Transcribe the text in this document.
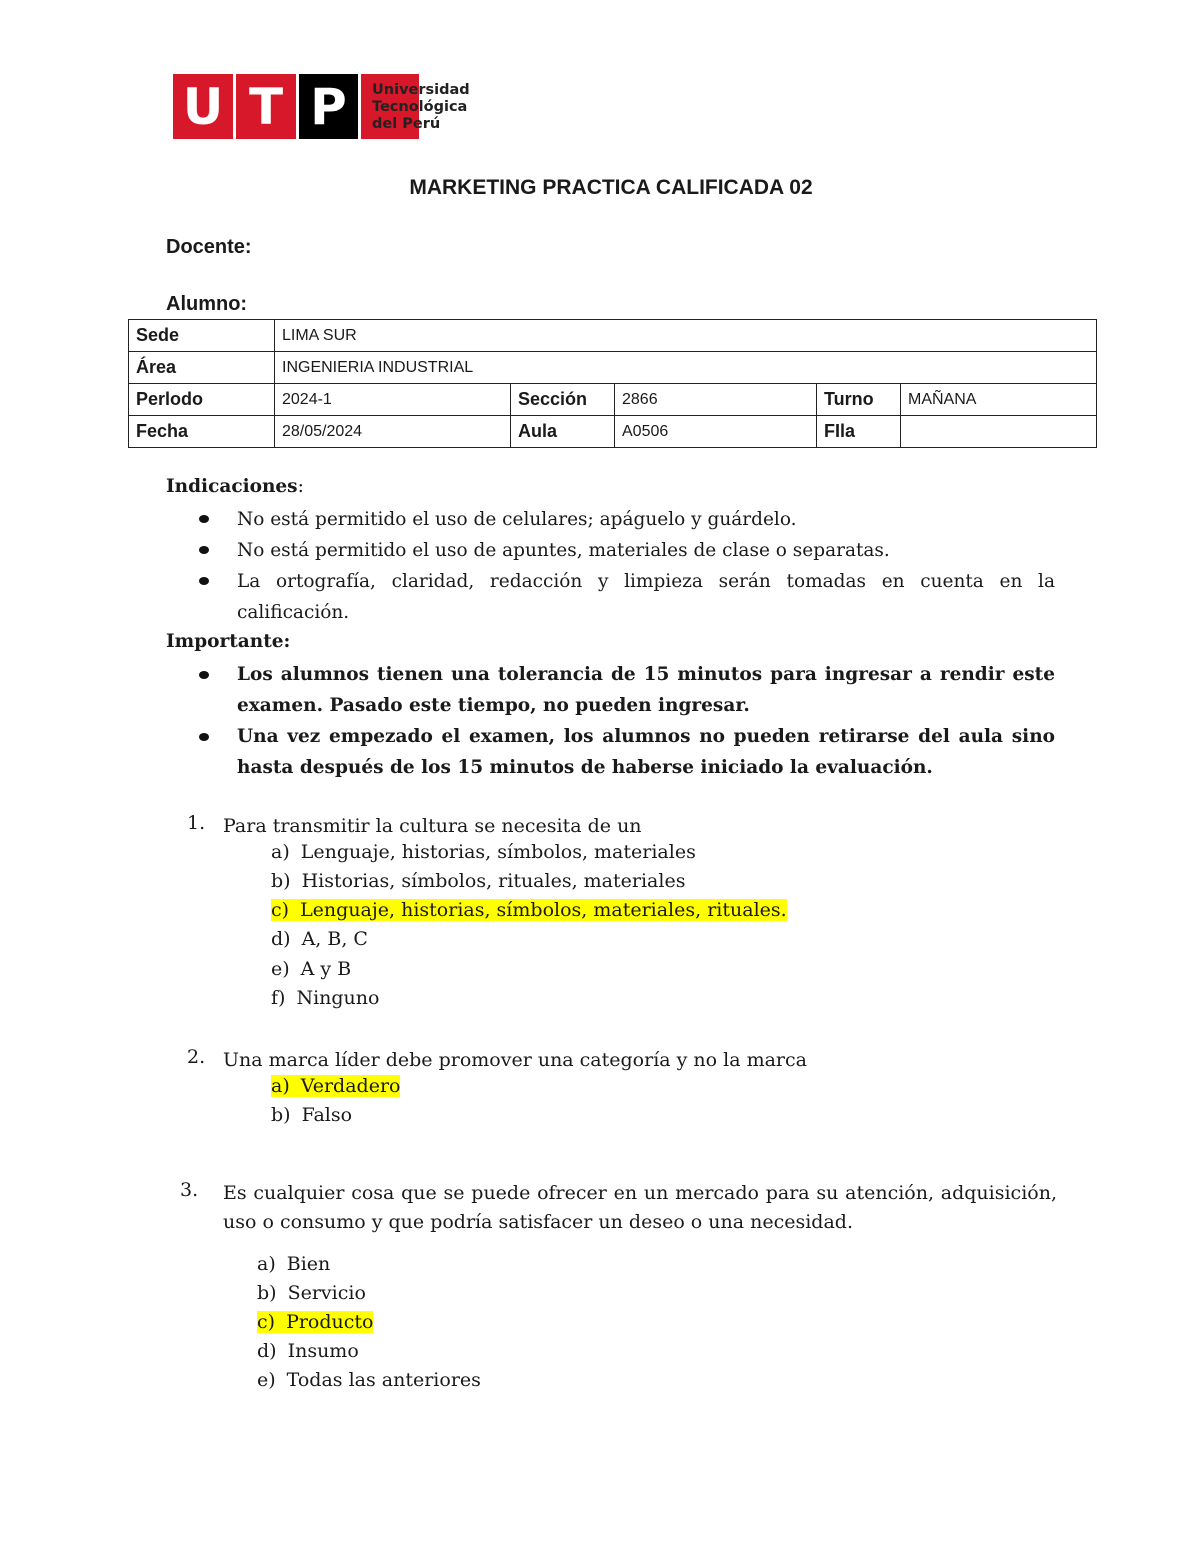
U T P	Universidad
Tecnológica
del Perú
MARKETING PRACTICA CALIFICADA 02
Docente:
Alumno:
Sede	LIMA SUR				
Área	INGENIERIA INDUSTRIAL				
Perlodo	2024-1	Sección	2866	Turno	MAÑANA
Fecha	28/05/2024	Aula	A0506	FIla	
Indicaciones:
No está permitido el uso de celulares; apáguelo y guárdelo.
No está permitido el uso de apuntes, materiales de clase o separatas.
La ortografía, claridad, redacción y limpieza serán tomadas en cuenta en la calificación.
Importante:
Los alumnos tienen una tolerancia de 15 minutos para ingresar a rendir este examen. Pasado este tiempo, no pueden ingresar.
Una vez empezado el examen, los alumnos no pueden retirarse del aula sino hasta después de los 15 minutos de haberse iniciado la evaluación.
1. Para transmitir la cultura se necesita de un
a) Lenguaje, historias, símbolos, materiales
b) Historias, símbolos, rituales, materiales
c) Lenguaje, historias, símbolos, materiales, rituales.
d) A, B, C
e) A y B
f) Ninguno
2. Una marca líder debe promover una categoría y no la marca
a) Verdadero
b) Falso
3. Es cualquier cosa que se puede ofrecer en un mercado para su atención, adquisición, uso o consumo y que podría satisfacer un deseo o una necesidad.
a) Bien
b) Servicio
c) Producto
d) Insumo
e) Todas las anteriores
